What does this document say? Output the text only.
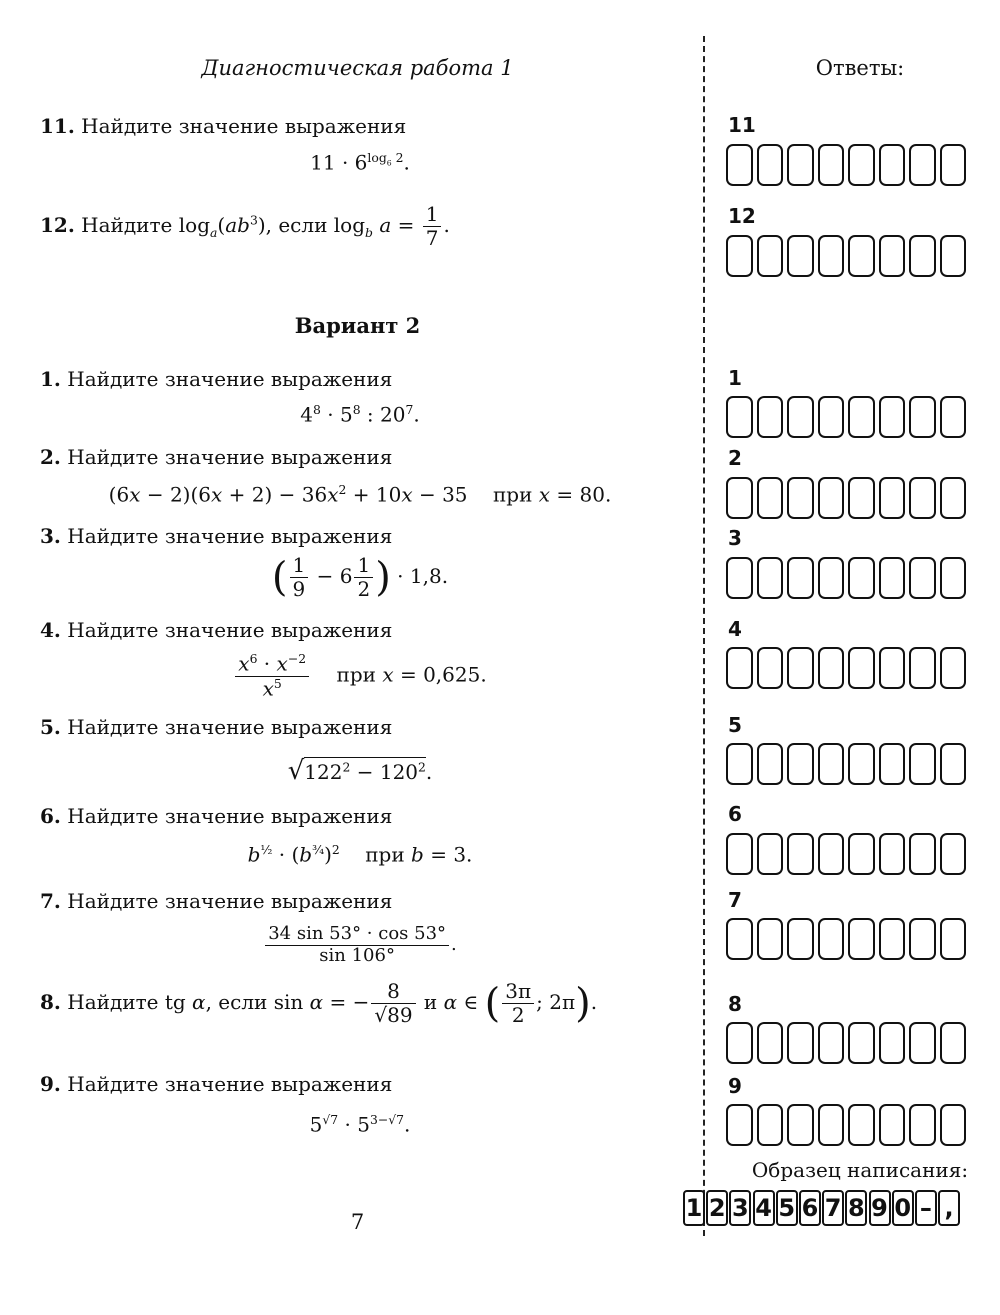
Диагностическая работа 1	Ответы:
11. Найдите значение выражения
$11 \cdot 6^{log_6 2}$.
12. Найдите $\log_a(ab^3)$, если $\log_b a = \frac{1}{7}$ .
Вариант 2
1. Найдите значение выражения
$4^8 \cdot 5^8$ : $20^7$.
2. Найдите значение выражения
$(6x - 2)(6x + 2) - 36x^2 + 10x - 35$    при x = 80.
3. Найдите значение выражения
( $\frac{1}{9} - 6 \frac{1}{2}$ ) · 1,8.
4. Найдите значение выражения
$\frac{x^6 \cdot x^{-2}}{x^5}$ при x = 0,625.
5. Найдите значение выражения
$√122^2 - 120^2$.
6. Найдите значение выражения
$b^{\frac{1}{2}} \cdot (b^{\frac{3}{4}})^2$    при b = 3.
7. Найдите значение выражения
$\frac{34 \sin 53^\circ \cdot \cos 53^\circ}{\sin 106^\circ}$ .
8. Найдите tg α, если sin α = − $\frac{8}{√89}$ и α ∈ ( $\frac{3\pi}{2}$ ; 2π).
9. Найдите значение выражения
$5^{√7} \cdot 5^{3-√7}$.
7
11
12
1
2
3
4
5
6
7
8
9
Образец написания:
1 2 3 4 5 6 7 8 9 0 – ,
